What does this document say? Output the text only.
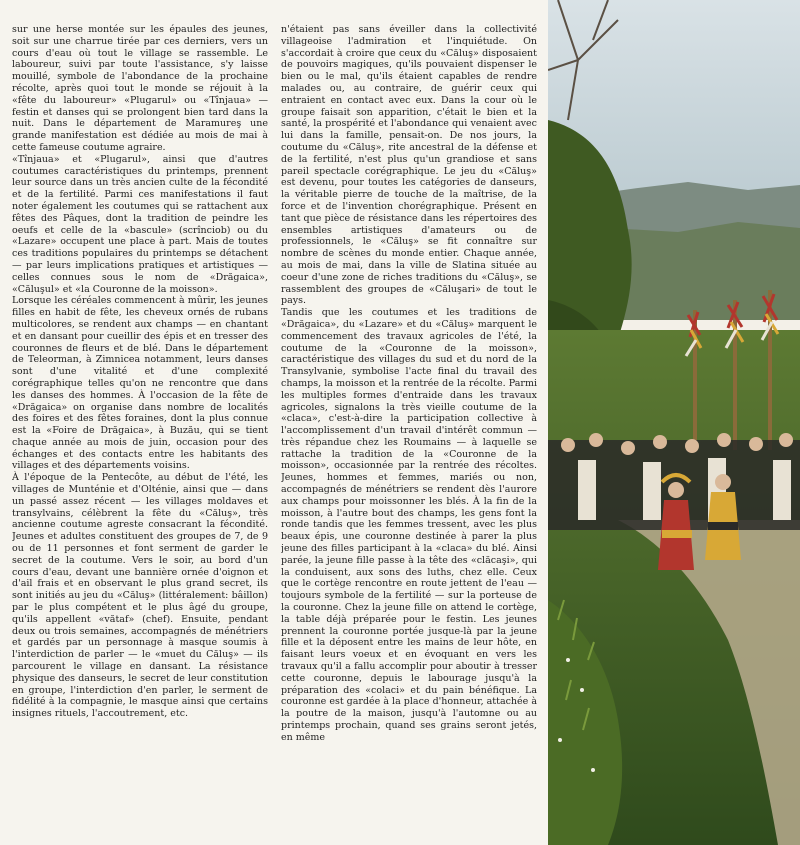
sur une herse montée sur les épaules des jeunes, soit sur une charrue tirée par ces derniers, vers un cours d'eau où tout le village se rassemble. Le laboureur, suivi par toute l'assistance, s'y laisse mouillé, symbole de l'abondance de la prochaine récolte, après quoi tout le monde se réjouit à la «fête du laboureur» «Plugarul» ou «Tînjaua» — festin et danses qui se prolongent bien tard dans la nuit. Dans le département de Maramureş une grande manifestation est dédiée au mois de mai à cette fameuse coutume agraire.

«Tînjaua» et «Plugarul», ainsi que d'autres coutumes caractéristiques du printemps, prennent leur source dans un très ancien culte de la fécondité et de la fertilité. Parmi ces manifestations il faut noter également les coutumes qui se rattachent aux fêtes des Pâques, dont la tradition de peindre les oeufs et celle de la «bascule» (scrînciob) ou du «Lazare» occupent une place à part. Mais de toutes ces traditions populaires du printemps se détachent — par leurs implications pratiques et artistiques — celles connues sous le nom de «Drăgaica», «Căluşul» et «la Couronne de la moisson».

Lorsque les céréales commencent à mûrir, les jeunes filles en habit de fête, les cheveux ornés de rubans multicolores, se rendent aux champs — en chantant et en dansant pour cueillir des épis et en tresser des couronnes de fleurs et de blé. Dans le département de Teleorman, à Zimnicea notamment, leurs danses sont d'une vitalité et d'une complexité corégraphique telles qu'on ne rencontre que dans les danses des hommes. À l'occasion de la fête de «Drăgaica» on organise dans nombre de localités des foires et des fêtes foraines, dont la plus connue est la «Foire de Drăgaica», à Buzău, qui se tient chaque année au mois de juin, occasion pour des échanges et des contacts entre les habitants des villages et des départements voisins.

À l'époque de la Pentecôte, au début de l'été, les villages de Munténie et d'Olténie, ainsi que — dans un passé assez récent — les villages moldaves et transylvains, célèbrent la fête du «Căluş», très ancienne coutume agreste consacrant la fécondité. Jeunes et adultes constituent des groupes de 7, de 9 ou de 11 personnes et font serment de garder le secret de la coutume. Vers le soir, au bord d'un cours d'eau, devant une bannière ornée d'oignon et d'ail frais et en observant le plus grand secret, ils sont initiés au jeu du «Căluş» (littéralement: bâillon) par le plus compétent et le plus âgé du groupe, qu'ils appellent «vătaf» (chef). Ensuite, pendant deux ou trois semaines, accompagnés de ménétriers et gardés par un personnage à masque soumis à l'interdiction de parler — le «muet du Căluş» — ils parcourent le village en dansant. La résistance physique des danseurs, le secret de leur constitution en groupe, l'interdiction d'en parler, le serment de fidélité à la compagnie, le masque ainsi que certains insignes rituels, l'accoutrement, etc.

n'étaient pas sans éveiller dans la collectivité villageoise l'admiration et l'inquiétude. On s'accordait à croire que ceux du «Căluş» disposaient de pouvoirs magiques, qu'ils pouvaient dispenser le bien ou le mal, qu'ils étaient capables de rendre malades ou, au contraire, de guérir ceux qui entraient en contact avec eux. Dans la cour où le groupe faisait son apparition, c'était le bien et la santé, la prospérité et l'abondance qui venaient avec lui dans la famille, pensait-on. De nos jours, la coutume du «Căluş», rite ancestral de la défense et de la fertilité, n'est plus qu'un grandiose et sans pareil spectacle corégraphique. Le jeu du «Căluş» est devenu, pour toutes les catégories de danseurs, la véritable pierre de touche de la maîtrise, de la force et de l'invention chorégraphique. Présent en tant que pièce de résistance dans les répertoires des ensembles artistiques d'amateurs ou de professionnels, le «Căluş» se fit connaître sur nombre de scènes du monde entier. Chaque année, au mois de mai, dans la ville de Slatina située au coeur d'une zone de riches traditions du «Căluş», se rassemblent des groupes de «Căluşari» de tout le pays.

Tandis que les coutumes et les traditions de «Drăgaica», du «Lazare» et du «Căluş» marquent le commencement des travaux agricoles de l'été, la coutume de la «Couronne de la moisson», caractéristique des villages du sud et du nord de la Transylvanie, symbolise l'acte final du travail des champs, la moisson et la rentrée de la récolte. Parmi les multiples formes d'entraide dans les travaux agricoles, signalons la très vieille coutume de la «claca», c'est-à-dire la participation collective à l'accomplissement d'un travail d'intérêt commun — très répandue chez les Roumains — à laquelle se rattache la tradition de la «Couronne de la moisson», occasionnée par la rentrée des récoltes. Jeunes, hommes et femmes, mariés ou non, accompagnés de ménétriers se rendent dès l'aurore aux champs pour moissonner les blés. À la fin de la moisson, à l'autre bout des champs, les gens font la ronde tandis que les femmes tressent, avec les plus beaux épis, une couronne destinée à parer la plus jeune des filles participant à la «claca» du blé. Ainsi parée, la jeune fille passe à la tête des «clăcaşi», qui la conduisent, aux sons des luths, chez elle. Ceux que le cortège rencontre en route jettent de l'eau — toujours symbole de la fertilité — sur la porteuse de la couronne. Chez la jeune fille on attend le cortège, la table déjà préparée pour le festin. Les jeunes prennent la couronne portée jusque-là par la jeune fille et la déposent entre les mains de leur hôte, en faisant leurs voeux et en évoquant en vers les travaux qu'il a fallu accomplir pour aboutir à tresser cette couronne, depuis le labourage jusqu'à la préparation des «colaci» et du pain bénéfique. La couronne est gardée à la place d'honneur, attachée à la poutre de la maison, jusqu'à l'automne ou au printemps prochain, quand ses grains seront jetés, en même
